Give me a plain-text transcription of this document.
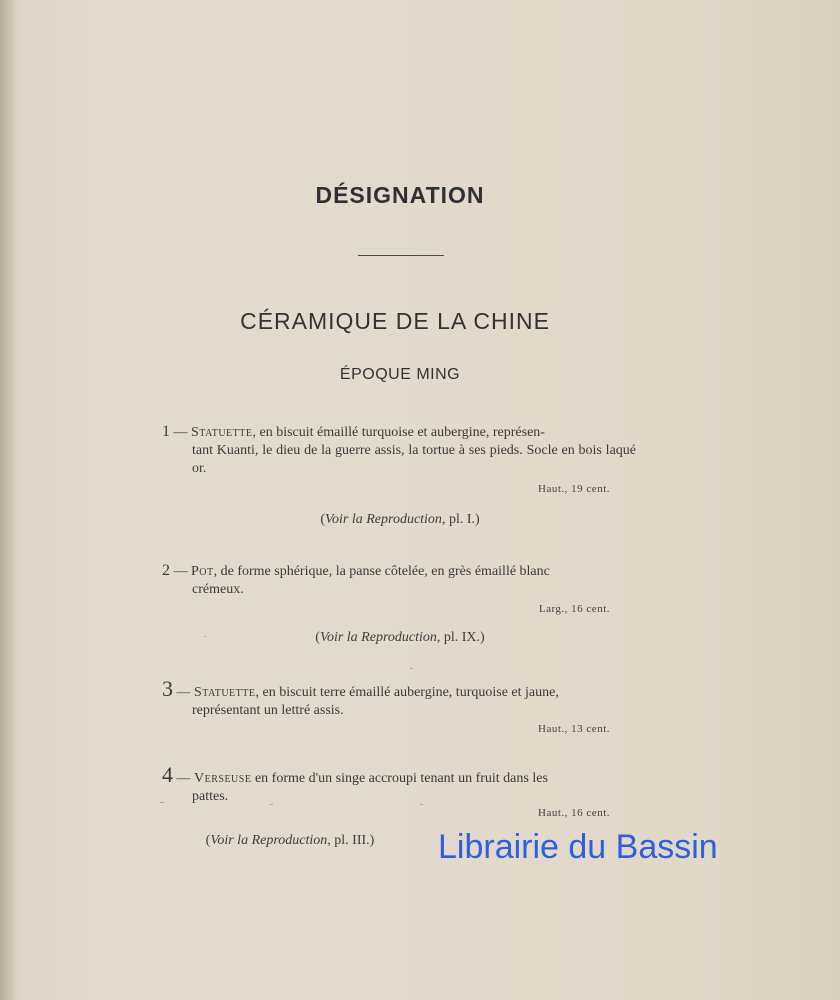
DÉSIGNATION
CÉRAMIQUE DE LA CHINE
ÉPOQUE MING
1 — Statuette, en biscuit émaillé turquoise et aubergine, représen-
tant Kuanti, le dieu de la guerre assis, la tortue à ses pieds. Socle en bois laqué or.
Haut., 19 cent.
(Voir la Reproduction, pl. I.)
2 — Pot, de forme sphérique, la panse côtelée, en grès émaillé blanc
crémeux.
Larg., 16 cent.
(Voir la Reproduction, pl. IX.)
3 — Statuette, en biscuit terre émaillé aubergine, turquoise et jaune,
représentant un lettré assis.
Haut., 13 cent.
4 — Verseuse en forme d'un singe accroupi tenant un fruit dans les
pattes.
Haut., 16 cent.
(Voir la Reproduction, pl. III.)	Librairie du Bassin
